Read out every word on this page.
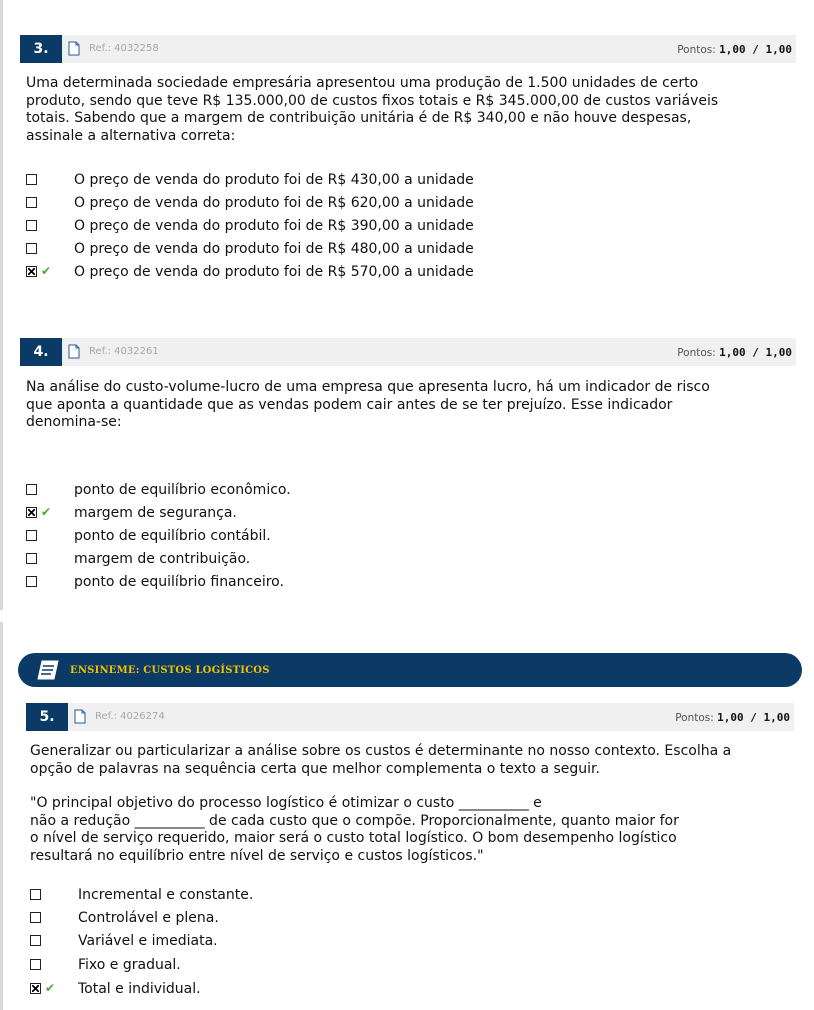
3.	Ref.: 4032258	Pontos: 1,00 / 1,00

Uma determinada sociedade empresária apresentou uma produção de 1.500 unidades de certo
produto, sendo que teve R$ 135.000,00 de custos fixos totais e R$ 345.000,00 de custos variáveis
totais. Sabendo que a margem de contribuição unitária é de R$ 340,00 e não houve despesas,
assinale a alternativa correta:

O preço de venda do produto foi de R$ 430,00 a unidade
O preço de venda do produto foi de R$ 620,00 a unidade
O preço de venda do produto foi de R$ 390,00 a unidade
O preço de venda do produto foi de R$ 480,00 a unidade
✔ O preço de venda do produto foi de R$ 570,00 a unidade
4.	Ref.: 4032261	Pontos: 1,00 / 1,00

Na análise do custo-volume-lucro de uma empresa que apresenta lucro, há um indicador de risco
que aponta a quantidade que as vendas podem cair antes de se ter prejuízo. Esse indicador
denomina-se:

ponto de equilíbrio econômico.
✔ margem de segurança.
ponto de equilíbrio contábil.
margem de contribuição.
ponto de equilíbrio financeiro.
ENSINEME: CUSTOS LOGÍSTICOS
5.	Ref.: 4026274	Pontos: 1,00 / 1,00

Generalizar ou particularizar a análise sobre os custos é determinante no nosso contexto. Escolha a
opção de palavras na sequência certa que melhor complementa o texto a seguir.

"O principal objetivo do processo logístico é otimizar o custo __________ e
não a redução __________ de cada custo que o compõe. Proporcionalmente, quanto maior for
o nível de serviço requerido, maior será o custo total logístico. O bom desempenho logístico
resultará no equilíbrio entre nível de serviço e custos logísticos."

Incremental e constante.
Controlável e plena.
Variável e imediata.
Fixo e gradual.
✔ Total e individual.
